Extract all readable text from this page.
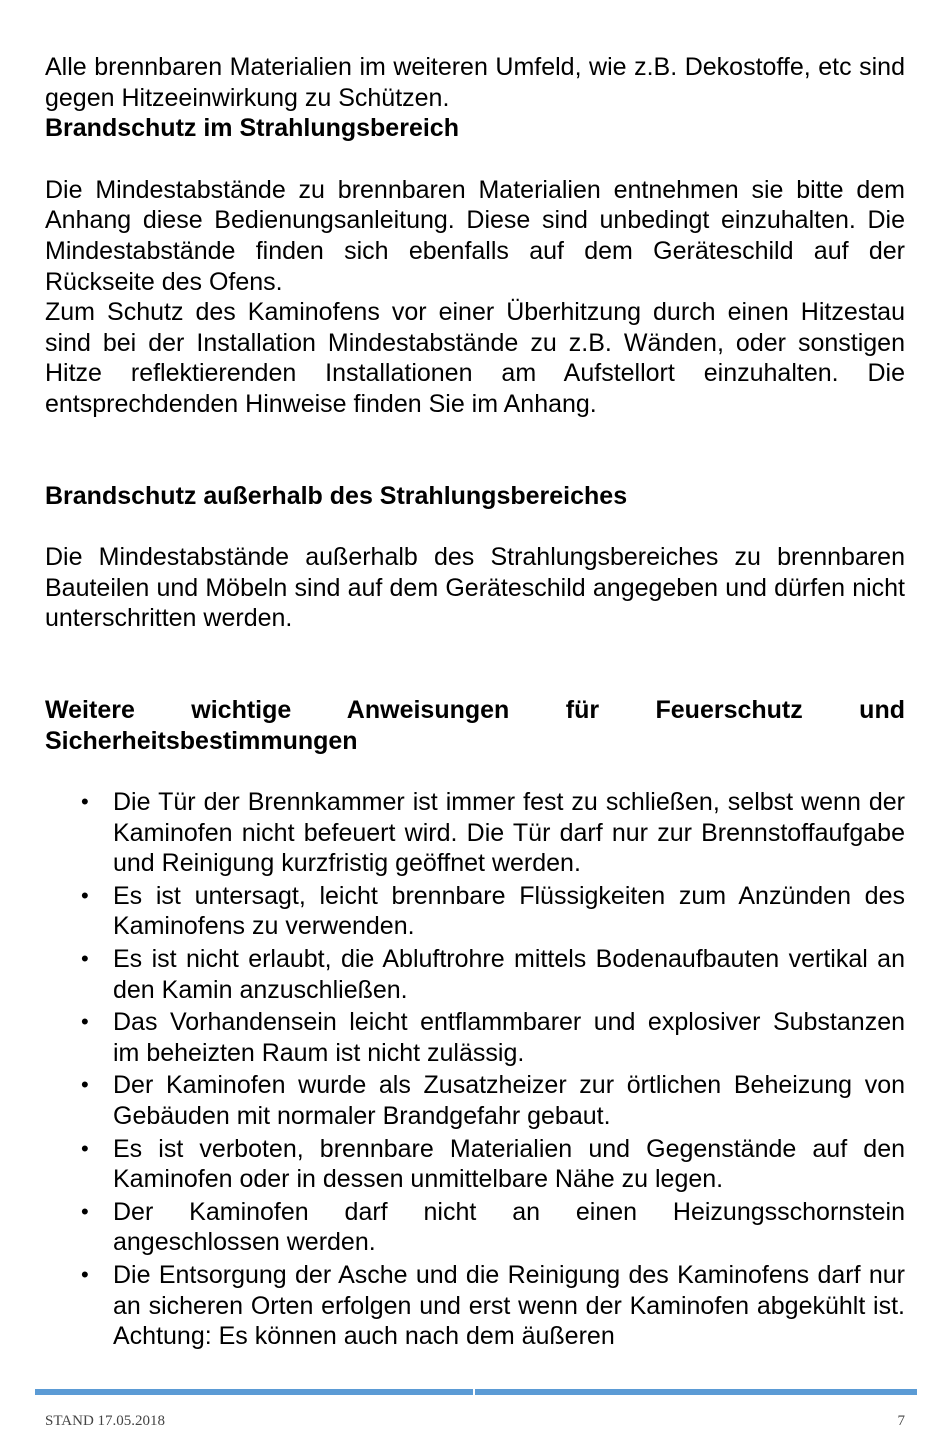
Alle brennbaren Materialien im weiteren Umfeld, wie z.B. Dekostoffe, etc sind gegen Hitzeeinwirkung zu Schützen.

Brandschutz im Strahlungsbereich

Die Mindestabstände zu brennbaren Materialien entnehmen sie bitte dem Anhang diese Bedienungsanleitung. Diese sind unbedingt einzuhalten. Die Mindestabstände finden sich ebenfalls auf dem Geräteschild auf der Rückseite des Ofens.

Zum Schutz des Kaminofens vor einer Überhitzung durch einen Hitzestau sind bei der Installation Mindestabstände zu z.B. Wänden, oder sonstigen Hitze reflektierenden Installationen am Aufstellort einzuhalten. Die entsprechdenden Hinweise finden Sie im Anhang.

Brandschutz außerhalb des Strahlungsbereiches

Die Mindestabstände außerhalb des Strahlungsbereiches zu brennbaren Bauteilen und Möbeln sind auf dem Geräteschild angegeben und dürfen nicht unterschritten werden.

Weitere wichtige Anweisungen für Feuerschutz und Sicherheitsbestimmungen

• Die Tür der Brennkammer ist immer fest zu schließen, selbst wenn der Kaminofen nicht befeuert wird. Die Tür darf nur zur Brennstoffaufgabe und Reinigung kurzfristig geöffnet werden.
• Es ist untersagt, leicht brennbare Flüssigkeiten zum Anzünden des Kaminofens zu verwenden.
• Es ist nicht erlaubt, die Abluftrohre mittels Bodenaufbauten vertikal an den Kamin anzuschließen.
• Das Vorhandensein leicht entflammbarer und explosiver Substanzen im beheizten Raum ist nicht zulässig.
• Der Kaminofen wurde als Zusatzheizer zur örtlichen Beheizung von Gebäuden mit normaler Brandgefahr gebaut.
• Es ist verboten, brennbare Materialien und Gegenstände auf den Kaminofen oder in dessen unmittelbare Nähe zu legen.
• Der Kaminofen darf nicht an einen Heizungsschornstein angeschlossen werden.
• Die Entsorgung der Asche und die Reinigung des Kaminofens darf nur an sicheren Orten erfolgen und erst wenn der Kaminofen abgekühlt ist. Achtung: Es können auch nach dem äußeren
STAND 17.05.2018	7
